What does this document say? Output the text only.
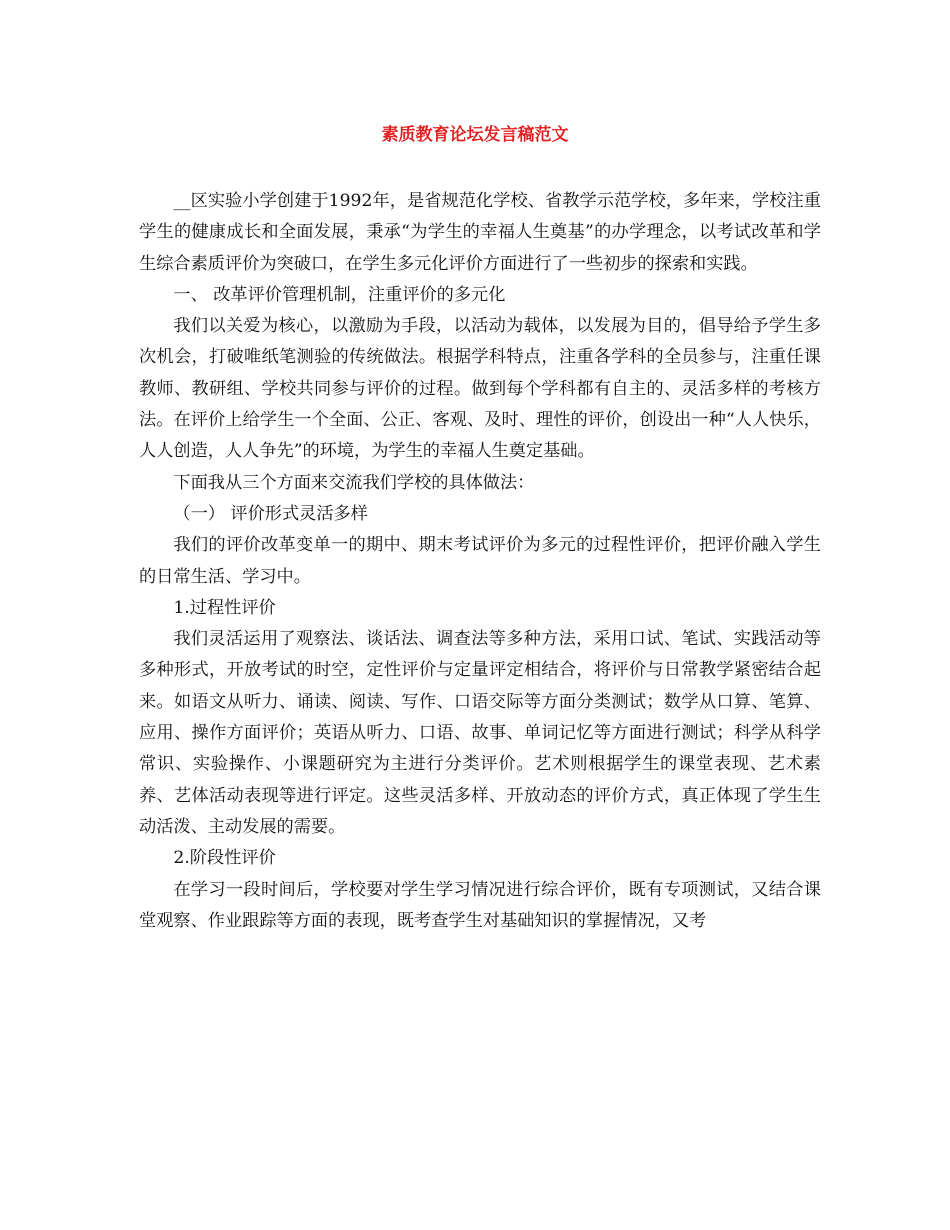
素质教育论坛发言稿范文

__区实验小学创建于1992年，是省规范化学校、省教学示范学校，多年来，学校注重学生的健康成长和全面发展，秉承“为学生的幸福人生奠基”的办学理念，以考试改革和学生综合素质评价为突破口，在学生多元化评价方面进行了一些初步的探索和实践。

一、 改革评价管理机制，注重评价的多元化

我们以关爱为核心，以激励为手段，以活动为载体，以发展为目的，倡导给予学生多次机会，打破唯纸笔测验的传统做法。根据学科特点，注重各学科的全员参与，注重任课教师、教研组、学校共同参与评价的过程。做到每个学科都有自主的、灵活多样的考核方法。在评价上给学生一个全面、公正、客观、及时、理性的评价，创设出一种“人人快乐，人人创造，人人争先”的环境，为学生的幸福人生奠定基础。

下面我从三个方面来交流我们学校的具体做法：

（一） 评价形式灵活多样

我们的评价改革变单一的期中、期末考试评价为多元的过程性评价，把评价融入学生的日常生活、学习中。

1.过程性评价

我们灵活运用了观察法、谈话法、调查法等多种方法，采用口试、笔试、实践活动等多种形式，开放考试的时空，定性评价与定量评定相结合，将评价与日常教学紧密结合起来。如语文从听力、诵读、阅读、写作、口语交际等方面分类测试；数学从口算、笔算、应用、操作方面评价；英语从听力、口语、故事、单词记忆等方面进行测试；科学从科学常识、实验操作、小课题研究为主进行分类评价。艺术则根据学生的课堂表现、艺术素养、艺体活动表现等进行评定。这些灵活多样、开放动态的评价方式，真正体现了学生生动活泼、主动发展的需要。

2.阶段性评价

在学习一段时间后，学校要对学生学习情况进行综合评价，既有专项测试，又结合课堂观察、作业跟踪等方面的表现，既考查学生对基础知识的掌握情况，又考
